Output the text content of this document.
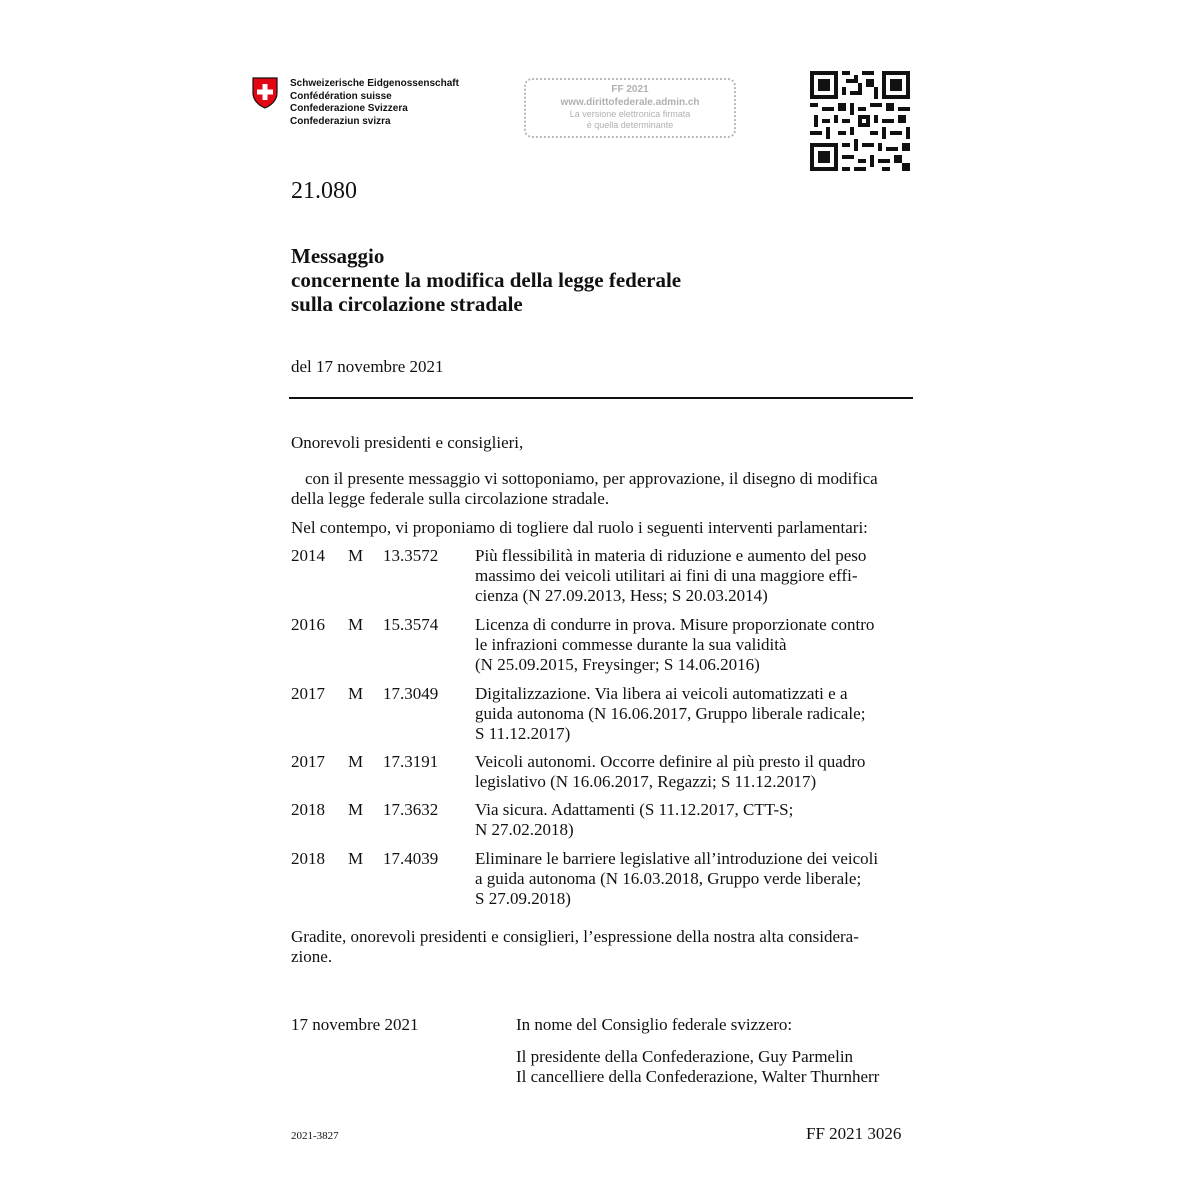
Schweizerische Eidgenossenschaft
Confédération suisse
Confederazione Svizzera
Confederaziun svizra
FF 2021
www.dirittofederale.admin.ch
La versione elettronica firmata
è quella determinante
21.080
Messaggio
concernente la modifica della legge federale
sulla circolazione stradale
del 17 novembre 2021
Onorevoli presidenti e consiglieri,
con il presente messaggio vi sottoponiamo, per approvazione, il disegno di modifica della legge federale sulla circolazione stradale.
Nel contempo, vi proponiamo di togliere dal ruolo i seguenti interventi parlamentari:
2014 M 13.3572 Più flessibilità in materia di riduzione e aumento del peso
massimo dei veicoli utilitari ai fini di una maggiore effi-
cienza (N 27.09.2013, Hess; S 20.03.2014)
2016 M 15.3574 Licenza di condurre in prova. Misure proporzionate contro
le infrazioni commesse durante la sua validità
(N 25.09.2015, Freysinger; S 14.06.2016)
2017 M 17.3049 Digitalizzazione. Via libera ai veicoli automatizzati e a
guida autonoma (N 16.06.2017, Gruppo liberale radicale;
S 11.12.2017)
2017 M 17.3191 Veicoli autonomi. Occorre definire al più presto il quadro
legislativo (N 16.06.2017, Regazzi; S 11.12.2017)
2018 M 17.3632 Via sicura. Adattamenti (S 11.12.2017, CTT-S;
N 27.02.2018)
2018 M 17.4039 Eliminare le barriere legislative all’introduzione dei veicoli
a guida autonoma (N 16.03.2018, Gruppo verde liberale;
S 27.09.2018)
Gradite, onorevoli presidenti e consiglieri, l’espressione della nostra alta considera-
zione.
17 novembre 2021	In nome del Consiglio federale svizzero:
Il presidente della Confederazione, Guy Parmelin
Il cancelliere della Confederazione, Walter Thurnherr
2021-3827	FF 2021 3026
